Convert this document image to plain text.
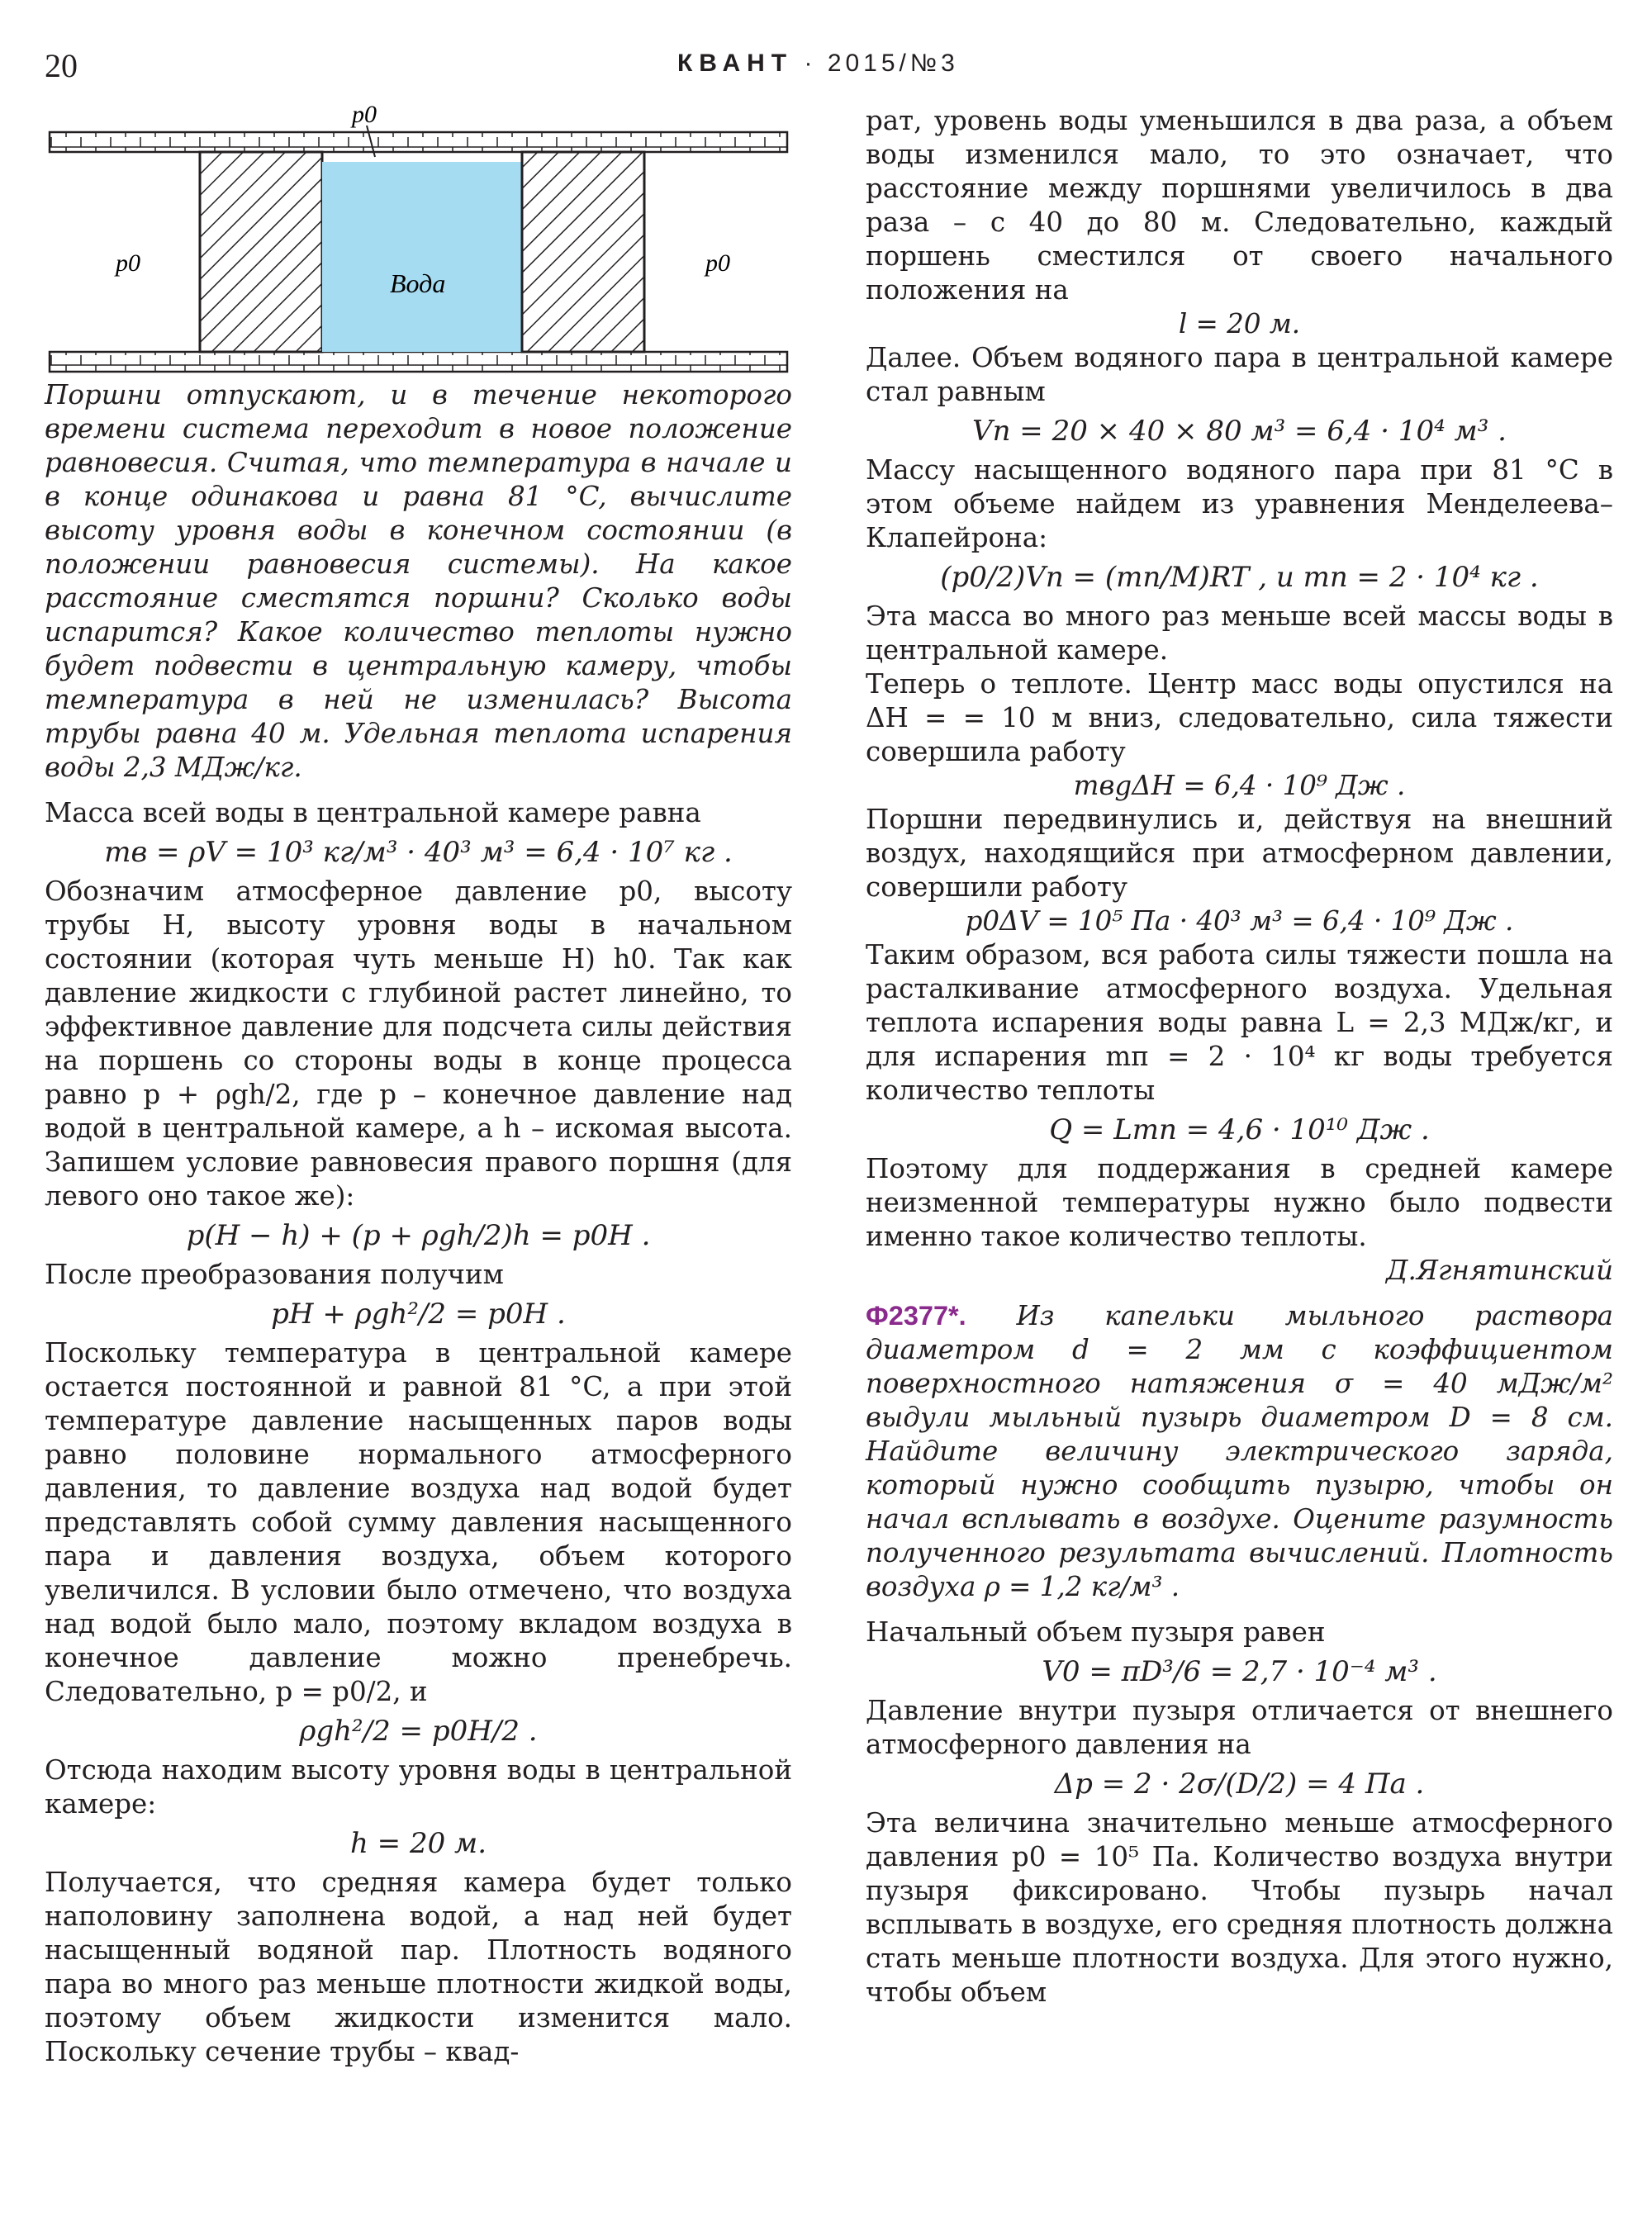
20	КВАНТ · 2015/№3
p0
p0	p0
Вода

Поршни отпускают, и в течение некоторого времени система переходит в новое положение равновесия. Считая, что температура в начале и в конце одинакова и равна 81 °C, вычислите высоту уровня воды в конечном состоянии (в положении равновесия системы). На какое расстояние сместятся поршни? Сколько воды испарится? Какое количество теплоты нужно будет подвести в центральную камеру, чтобы температура в ней не изменилась? Высота трубы равна 40 м. Удельная теплота испарения воды 2,3 МДж/кг.

Масса всей воды в центральной камере равна

mв = ρV = 10³ кг/м³ · 40³ м³ = 6,4 · 10⁷ кг .

Обозначим атмосферное давление p0, высоту трубы H, высоту уровня воды в начальном состоянии (которая чуть меньше H) h0. Так как давление жидкости с глубиной растет линейно, то эффективное давление для подсчета силы действия на поршень со стороны воды в конце процесса равно p + ρgh/2, где p – конечное давление над водой в центральной камере, а h – искомая высота. Запишем условие равновесия правого поршня (для левого оно такое же):

p(H − h) + (p + ρgh/2)h = p0H .

После преобразования получим

pH + ρgh²/2 = p0H .

Поскольку температура в центральной камере остается постоянной и равной 81 °C, а при этой температуре давление насыщенных паров воды равно половине нормального атмосферного давления, то давление воздуха над водой будет представлять собой сумму давления насыщенного пара и давления воздуха, объем которого увеличился. В условии было отмечено, что воздуха над водой было мало, поэтому вкладом воздуха в конечное давление можно пренебречь. Следовательно, p = p0/2, и

ρgh²/2 = p0H/2 .

Отсюда находим высоту уровня воды в центральной камере:

h = 20 м.

Получается, что средняя камера будет только наполовину заполнена водой, а над ней будет насыщенный водяной пар. Плотность водяного пара во много раз меньше плотности жидкой воды, поэтому объем жидкости изменится мало. Поскольку сечение трубы – квад-

рат, уровень воды уменьшился в два раза, а объем воды изменился мало, то это означает, что расстояние между поршнями увеличилось в два раза – с 40 до 80 м. Следовательно, каждый поршень сместился от своего начального положения на

l = 20 м.

Далее. Объем водяного пара в центральной камере стал равным

Vп = 20 × 40 × 80 м³ = 6,4 · 10⁴ м³ .

Массу насыщенного водяного пара при 81 °C в этом объеме найдем из уравнения Менделеева–Клапейрона:

(p0/2)Vп = (mп/M)RT , и mп = 2 · 10⁴ кг .

Эта масса во много раз меньше всей массы воды в центральной камере.

Теперь о теплоте. Центр масс воды опустился на ΔH = = 10 м вниз, следовательно, сила тяжести совершила работу

mвgΔH = 6,4 · 10⁹ Дж .

Поршни передвинулись и, действуя на внешний воздух, находящийся при атмосферном давлении, совершили работу

p0ΔV = 10⁵ Па · 40³ м³ = 6,4 · 10⁹ Дж .

Таким образом, вся работа силы тяжести пошла на расталкивание атмосферного воздуха. Удельная теплота испарения воды равна L = 2,3 МДж/кг, и для испарения mп = 2 · 10⁴ кг воды требуется количество теплоты

Q = Lmп = 4,6 · 10¹⁰ Дж .

Поэтому для поддержания в средней камере неизменной температуры нужно было подвести именно такое количество теплоты.

Д.Ягнятинский

Ф2377*. Из капельки мыльного раствора диаметром d = 2 мм с коэффициентом поверхностного натяжения σ = 40 мДж/м² выдули мыльный пузырь диаметром D = 8 см. Найдите величину электрического заряда, который нужно сообщить пузырю, чтобы он начал всплывать в воздухе. Оцените разумность полученного результата вычислений. Плотность воздуха ρ = 1,2 кг/м³ .

Начальный объем пузыря равен

V0 = πD³/6 = 2,7 · 10⁻⁴ м³ .

Давление внутри пузыря отличается от внешнего атмосферного давления на

Δp = 2 · 2σ/(D/2) = 4 Па .

Эта величина значительно меньше атмосферного давления p0 = 10⁵ Па. Количество воздуха внутри пузыря фиксировано. Чтобы пузырь начал всплывать в воздухе, его средняя плотность должна стать меньше плотности воздуха. Для этого нужно, чтобы объем
